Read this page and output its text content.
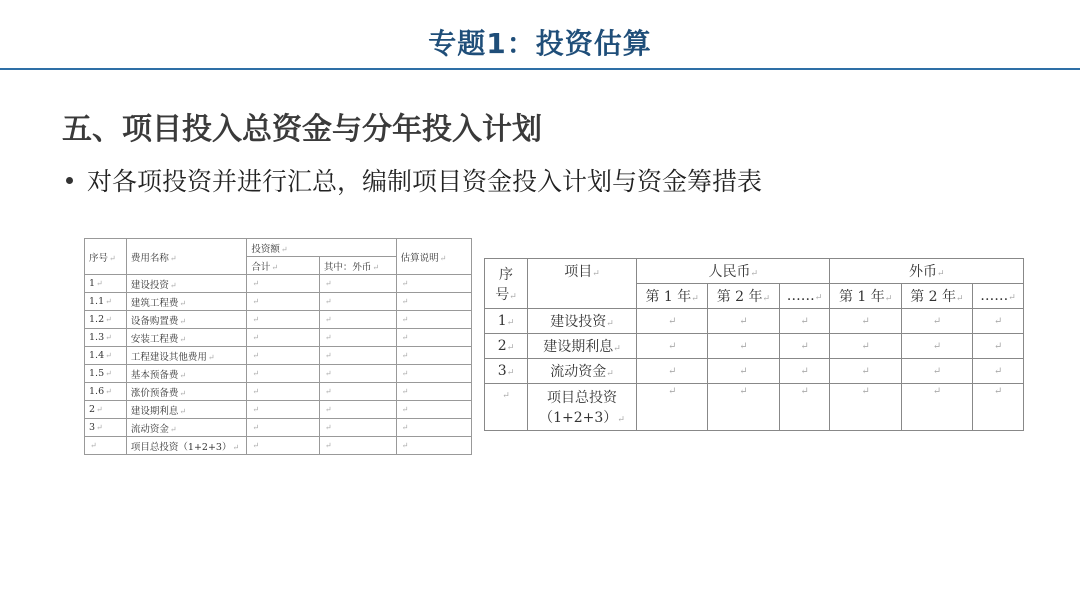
专题1：投资估算
五、项目投入总资金与分年投入计划
对各项投资并进行汇总，编制项目资金投入计划与资金筹措表
序号↵	费用名称↵	投资额↵		估算说明↵
		合计↵	其中：外币↵	
1↵	建设投资↵	↵	↵	↵
1.1↵	建筑工程费↵	↵	↵	↵
1.2↵	设备购置费↵	↵	↵	↵
1.3↵	安装工程费↵	↵	↵	↵
1.4↵	工程建设其他费用↵	↵	↵	↵
1.5↵	基本预备费↵	↵	↵	↵
1.6↵	涨价预备费↵	↵	↵	↵
2↵	建设期利息↵	↵	↵	↵
3↵	流动资金↵	↵	↵	↵
↵	项目总投资（1+2+3）↵	↵	↵	↵
序
号↵	项目↵	人民币↵			外币↵		
		第 1 年↵	第 2 年↵	……↵	第 1 年↵	第 2 年↵	……↵
1↵	建设投资↵	↵	↵	↵	↵	↵	↵
2↵	建设期利息↵	↵	↵	↵	↵	↵	↵
3↵	流动资金↵	↵	↵	↵	↵	↵	↵
↵	项目总投资
（1+2+3）↵	↵	↵	↵	↵	↵	↵
